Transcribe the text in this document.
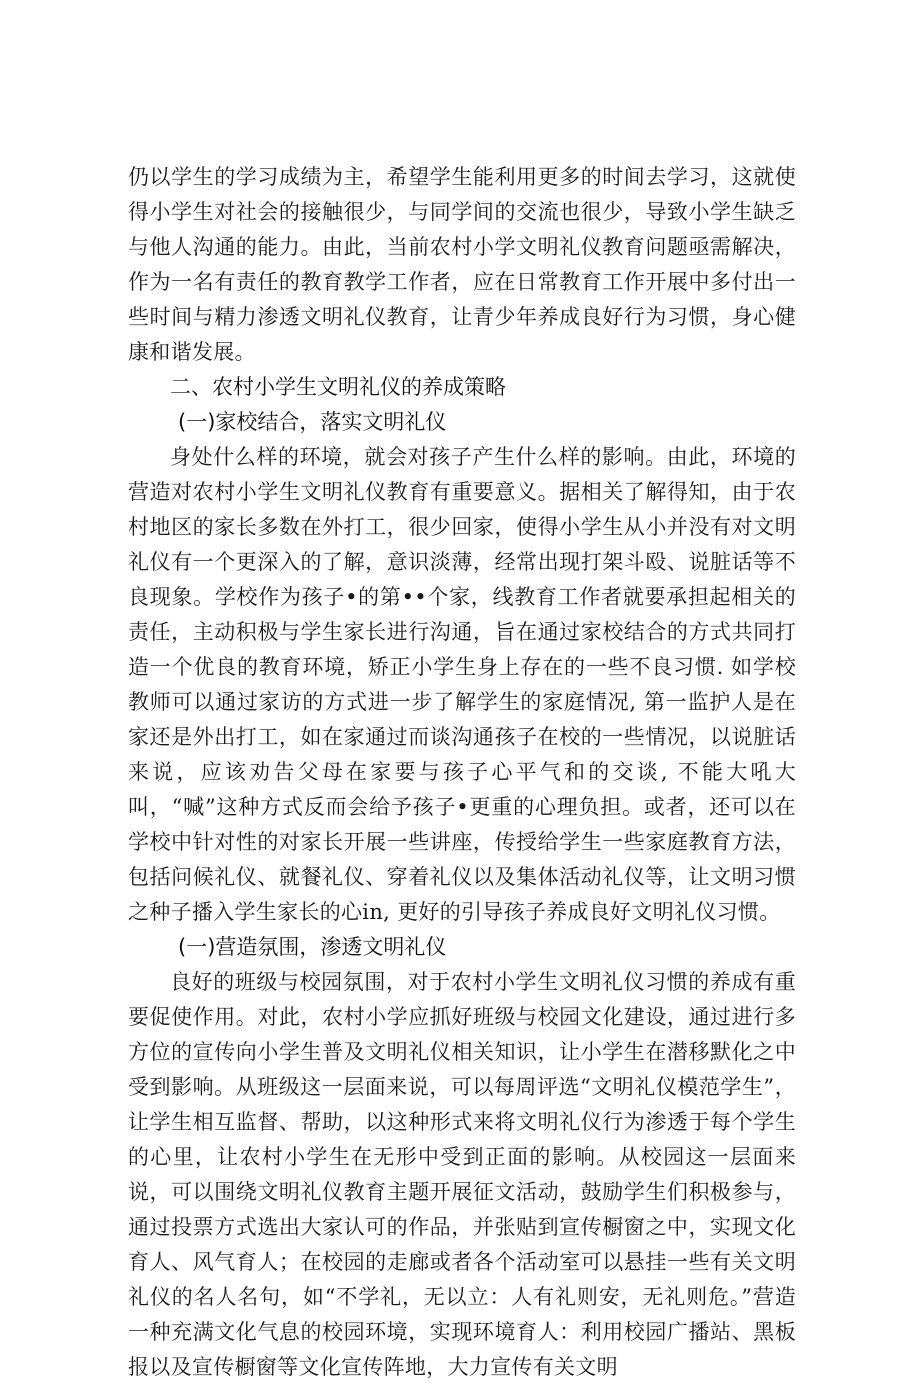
仍以学生的学习成绩为主，希望学生能利用更多的时间去学习，这就使得小学生对社会的接触很少，与同学间的交流也很少，导致小学生缺乏与他人沟通的能力。由此，当前农村小学文明礼仪教育问题亟需解决，作为一名有责任的教育教学工作者，应在日常教育工作开展中多付出一些时间与精力渗透文明礼仪教育，让青少年养成良好行为习惯，身心健康和谐发展。

二、农村小学生文明礼仪的养成策略

(一)家校结合，落实文明礼仪

身处什么样的环境，就会对孩子产生什么样的影响。由此，环境的营造对农村小学生文明礼仪教育有重要意义。据相关了解得知，由于农村地区的家长多数在外打工，很少回家，使得小学生从小并没有对文明礼仪有一个更深入的了解，意识淡薄，经常出现打架斗殴、说脏话等不良现象。学校作为孩子•的第••个家，线教育工作者就要承担起相关的责任，主动积极与学生家长进行沟通，旨在通过家校结合的方式共同打造一个优良的教育环境，矫正小学生身上存在的一些不良习惯. 如学校教师可以通过家访的方式进一步了解学生的家庭情况, 第一监护人是在家还是外出打工，如在家通过而谈沟通孩子在校的一些情况，以说脏话来说，应该劝告父母在家要与孩子心平气和的交谈, 不能大吼大叫，“喊”这种方式反而会给予孩子•更重的心理负担。或者，还可以在学校中针对性的对家长开展一些讲座，传授给学生一些家庭教育方法，包括问候礼仪、就餐礼仪、穿着礼仪以及集体活动礼仪等，让文明习惯之种子播入学生家长的心in, 更好的引导孩子养成良好文明礼仪习惯。

(一)营造氛围，渗透文明礼仪

良好的班级与校园氛围，对于农村小学生文明礼仪习惯的养成有重要促使作用。对此，农村小学应抓好班级与校园文化建设，通过进行多方位的宣传向小学生普及文明礼仪相关知识，让小学生在潜移默化之中受到影响。从班级这一层面来说，可以每周评选“文明礼仪模范学生”，让学生相互监督、帮助，以这种形式来将文明礼仪行为渗透于每个学生的心里，让农村小学生在无形中受到正面的影响。从校园这一层面来说，可以围绕文明礼仪教育主题开展征文活动，鼓励学生们积极参与，通过投票方式选出大家认可的作品，并张贴到宣传橱窗之中，实现文化育人、风气育人；在校园的走廊或者各个活动室可以悬挂一些有关文明礼仪的名人名句，如“不学礼，无以立：人有礼则安，无礼则危。”营造一种充满文化气息的校园环境，实现环境育人：利用校园广播站、黑板报以及宣传橱窗等文化宣传阵地，大力宣传有关文明
